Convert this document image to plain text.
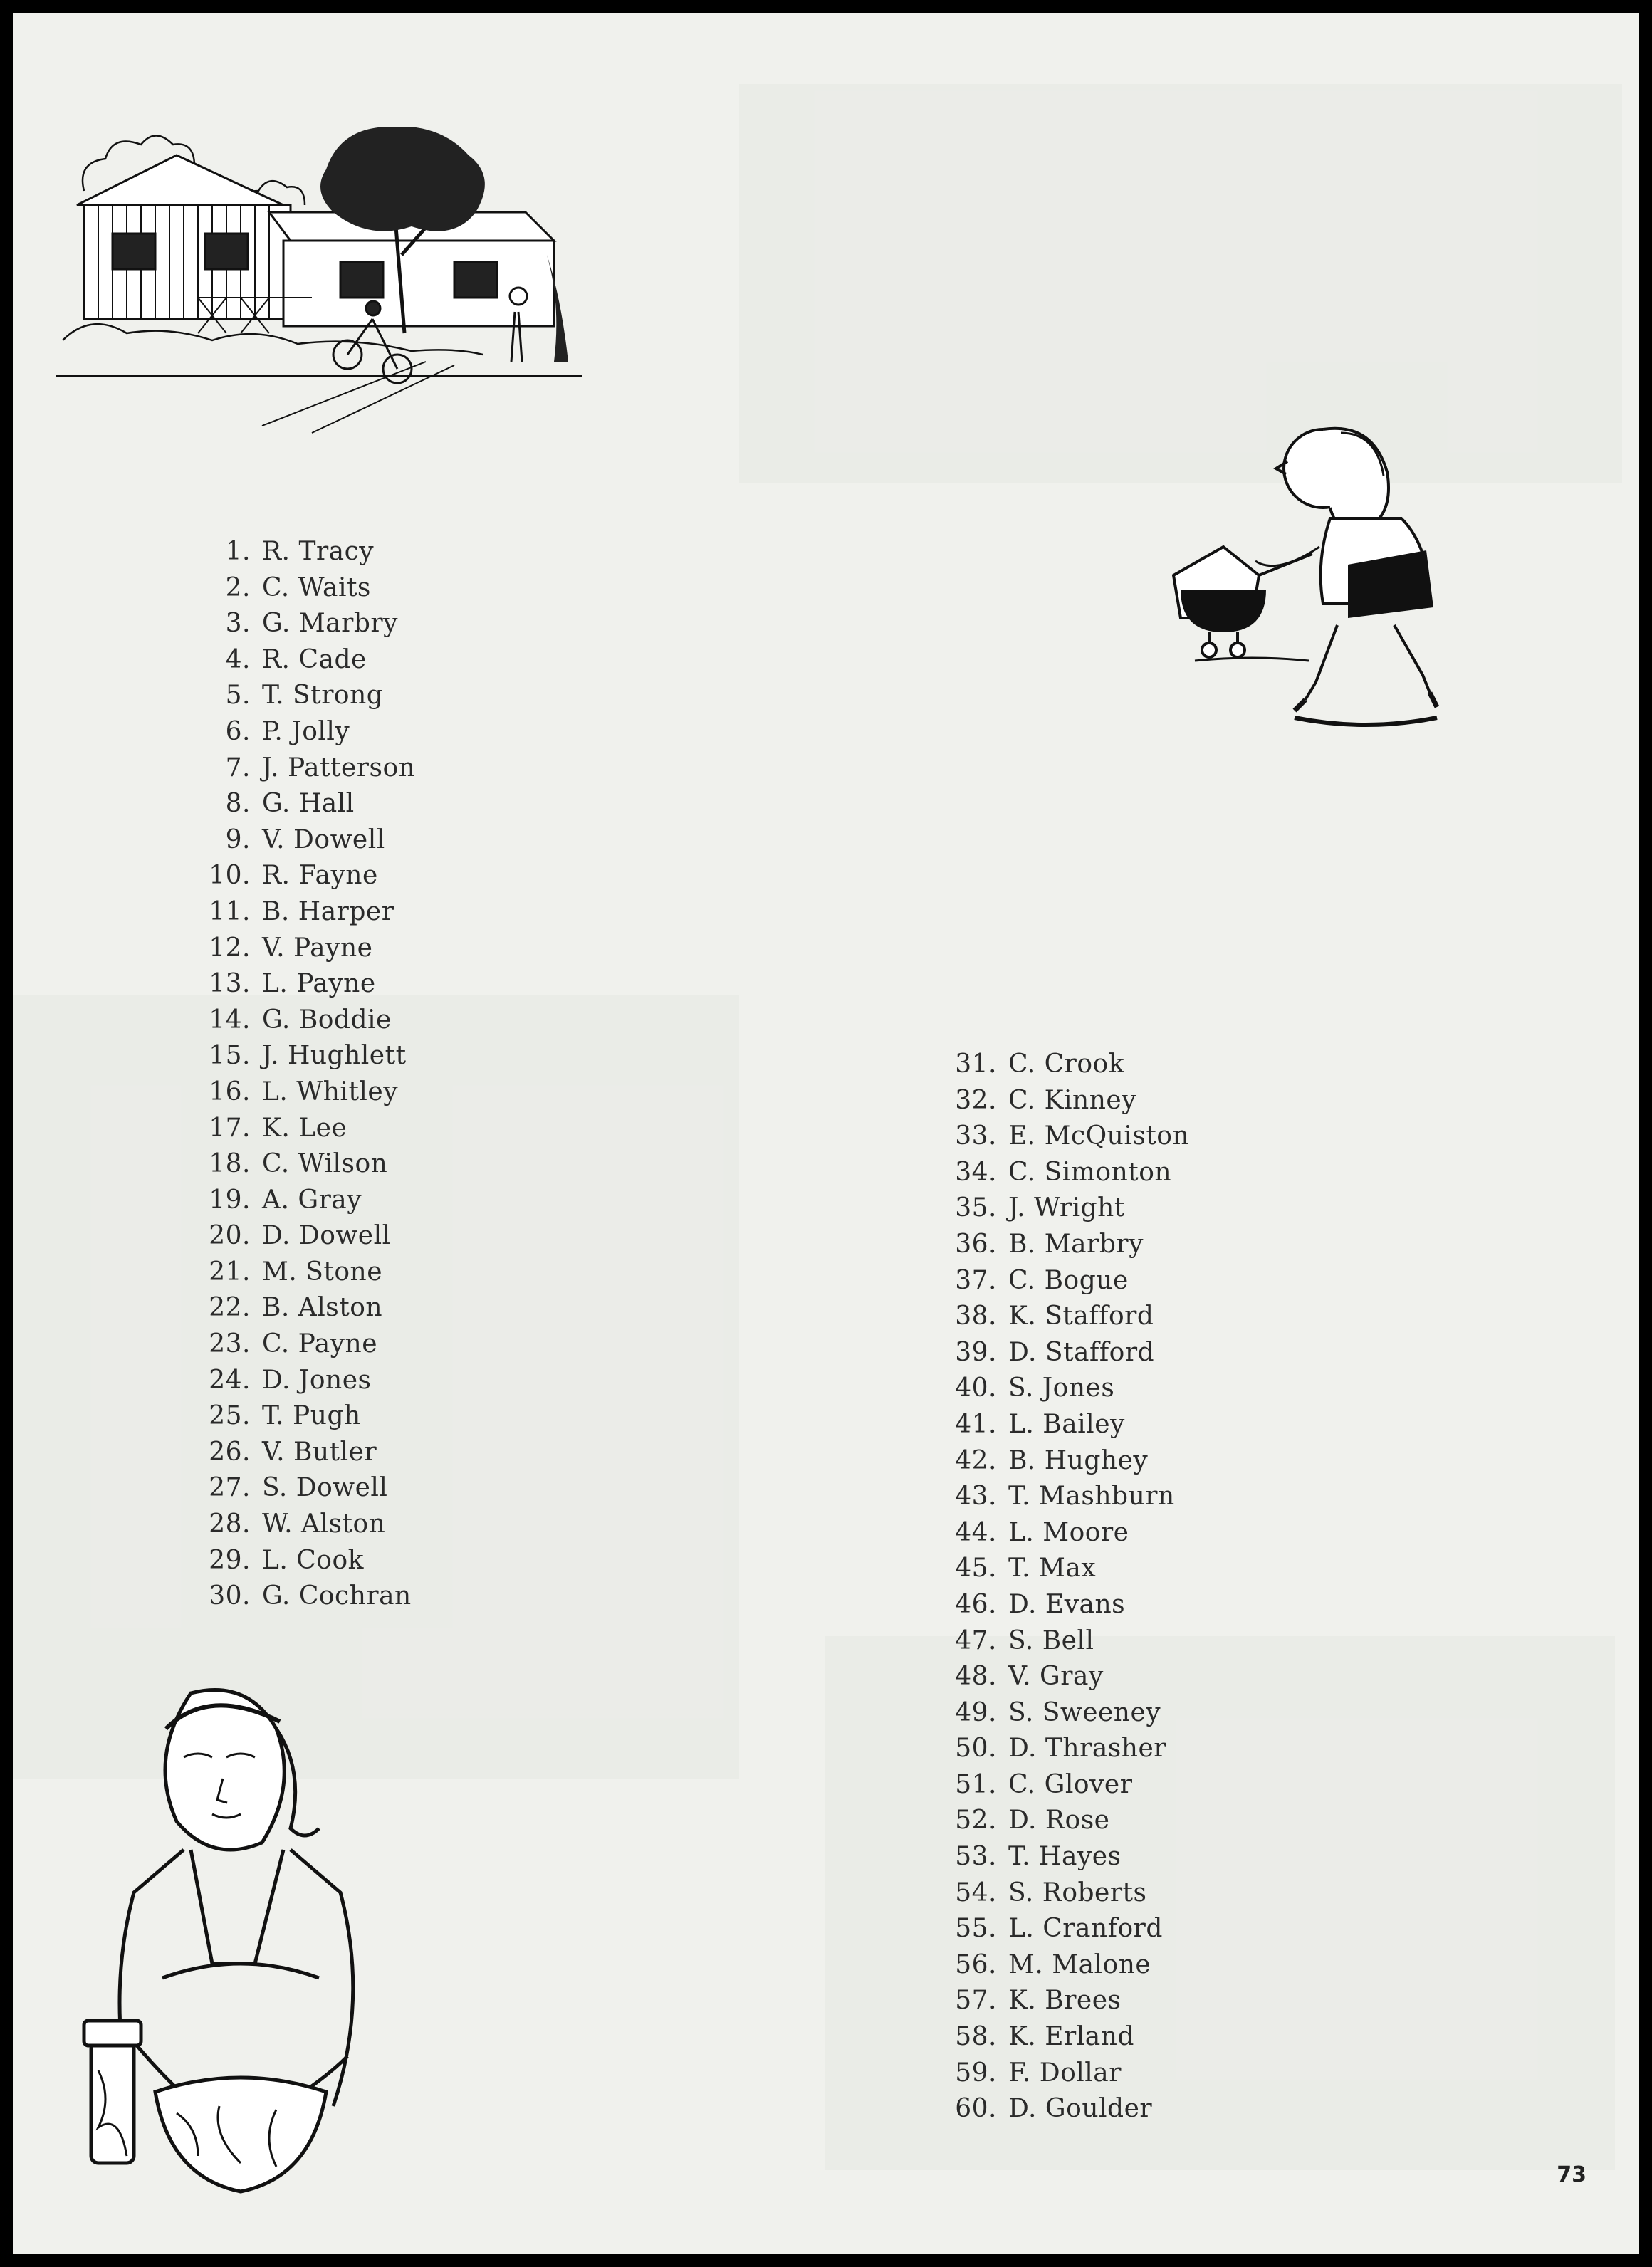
1. R. Tracy
2. C. Waits
3. G. Marbry
4. R. Cade
5. T. Strong
6. P. Jolly
7. J. Patterson
8. G. Hall
9. V. Dowell
10. R. Fayne
11. B. Harper
12. V. Payne
13. L. Payne
14. G. Boddie
15. J. Hughlett
16. L. Whitley
17. K. Lee
18. C. Wilson
19. A. Gray
20. D. Dowell
21. M. Stone
22. B. Alston
23. C. Payne
24. D. Jones
25. T. Pugh
26. V. Butler
27. S. Dowell
28. W. Alston
29. L. Cook
30. G. Cochran
31. C. Crook
32. C. Kinney
33. E. McQuiston
34. C. Simonton
35. J. Wright
36. B. Marbry
37. C. Bogue
38. K. Stafford
39. D. Stafford
40. S. Jones
41. L. Bailey
42. B. Hughey
43. T. Mashburn
44. L. Moore
45. T. Max
46. D. Evans
47. S. Bell
48. V. Gray
49. S. Sweeney
50. D. Thrasher
51. C. Glover
52. D. Rose
53. T. Hayes
54. S. Roberts
55. L. Cranford
56. M. Malone
57. K. Brees
58. K. Erland
59. F. Dollar
60. D. Goulder
73
